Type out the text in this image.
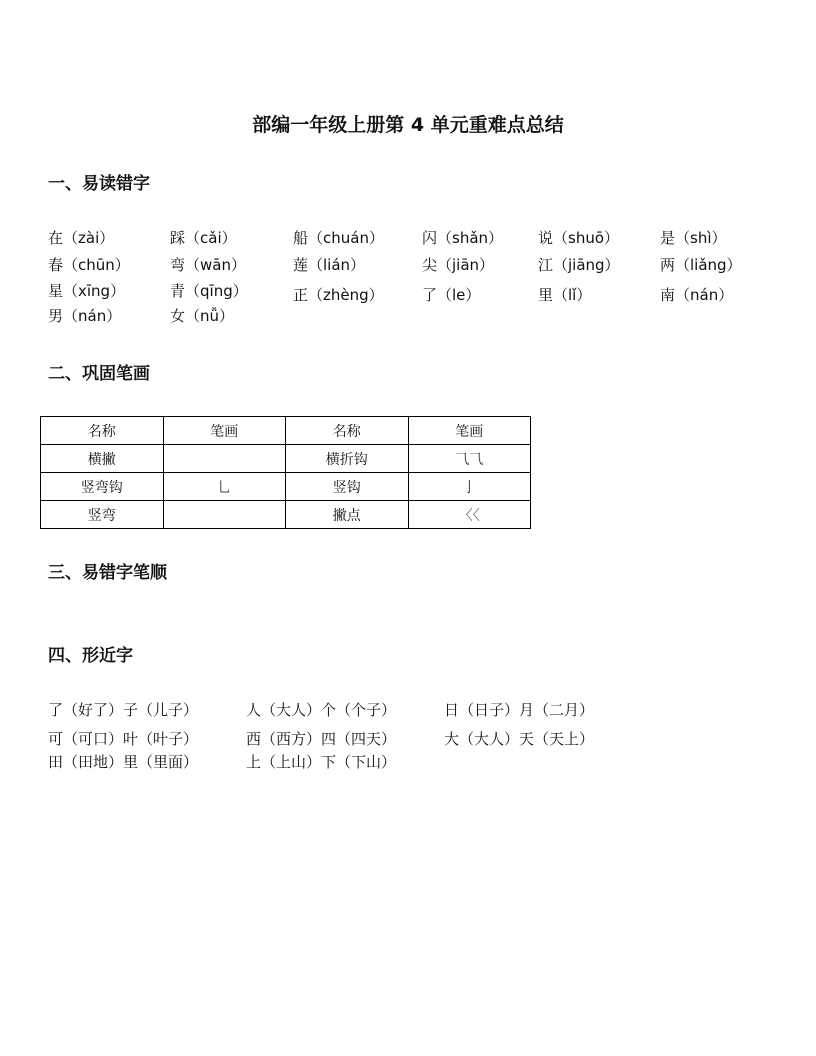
部编一年级上册第 4 单元重难点总结
一、易读错字
在（zài）	踩（cǎi）	船（chuán）	闪（shǎn） 说（shuō）	是（shì）
春（chūn）	弯（wān）	莲（lián）	尖（jiān）	江（jiāng）	两（liǎng）
星（xīng）	青（qīng）	正（zhèng）	了（le）	里（lǐ）	南（nán）
男（nán）	女（nǚ）
二、巩固笔画
名称	笔画	名称	笔画
横撇		横折钩	⺄⺄
竖弯钩	乚	竖钩	亅
竖弯		撇点	〈〈
三、易错字笔顺
四、形近字
了（好了）子（儿子）	人（大人）个（个子）	日（日子）月（二月）
可（可口）叶（叶子）	西（西方）四（四天）	大（大人）天（天上）
田（田地）里（里面）	上（上山）下（下山）
